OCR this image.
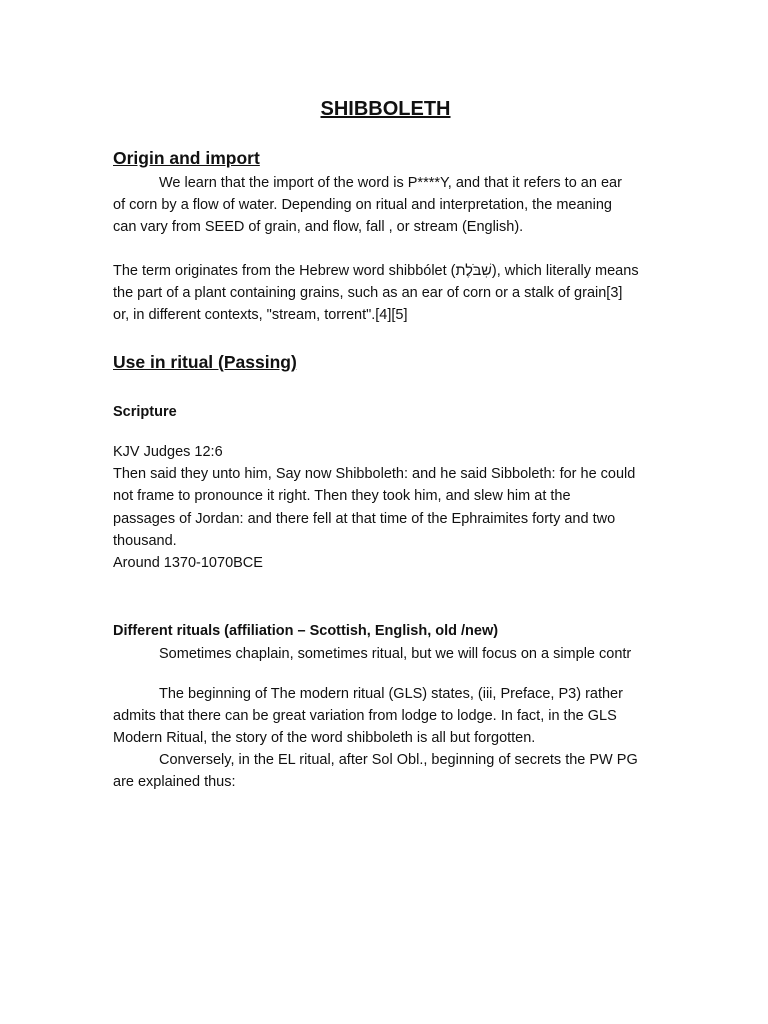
SHIBBOLETH
Origin and import

We learn that the import of the word is P****Y, and that it refers to an ear
of corn by a flow of water. Depending on ritual and interpretation, the meaning
can vary from SEED of grain, and flow, fall , or stream (English).

The term originates from the Hebrew word shibbólet (שִׁבֹּלֶת), which literally means
the part of a plant containing grains, such as an ear of corn or a stalk of grain[3]
or, in different contexts, "stream, torrent".[4][5]

Use in ritual (Passing)
Scripture

KJV Judges 12:6
Then said they unto him, Say now Shibboleth: and he said Sibboleth: for he could
not frame to pronounce it right. Then they took him, and slew him at the
passages of Jordan: and there fell at that time of the Ephraimites forty and two
thousand.
Around 1370-1070BCE

Different rituals (affiliation – Scottish, English, old /new)

Sometimes chaplain, sometimes ritual, but we will focus on a simple contr

The beginning of The modern ritual (GLS) states, (iii, Preface, P3) rather
admits that there can be great variation from lodge to lodge. In fact, in the GLS
Modern Ritual, the story of the word shibboleth is all but forgotten.

Conversely, in the EL ritual, after Sol Obl., beginning of secrets the PW PG
are explained thus:
